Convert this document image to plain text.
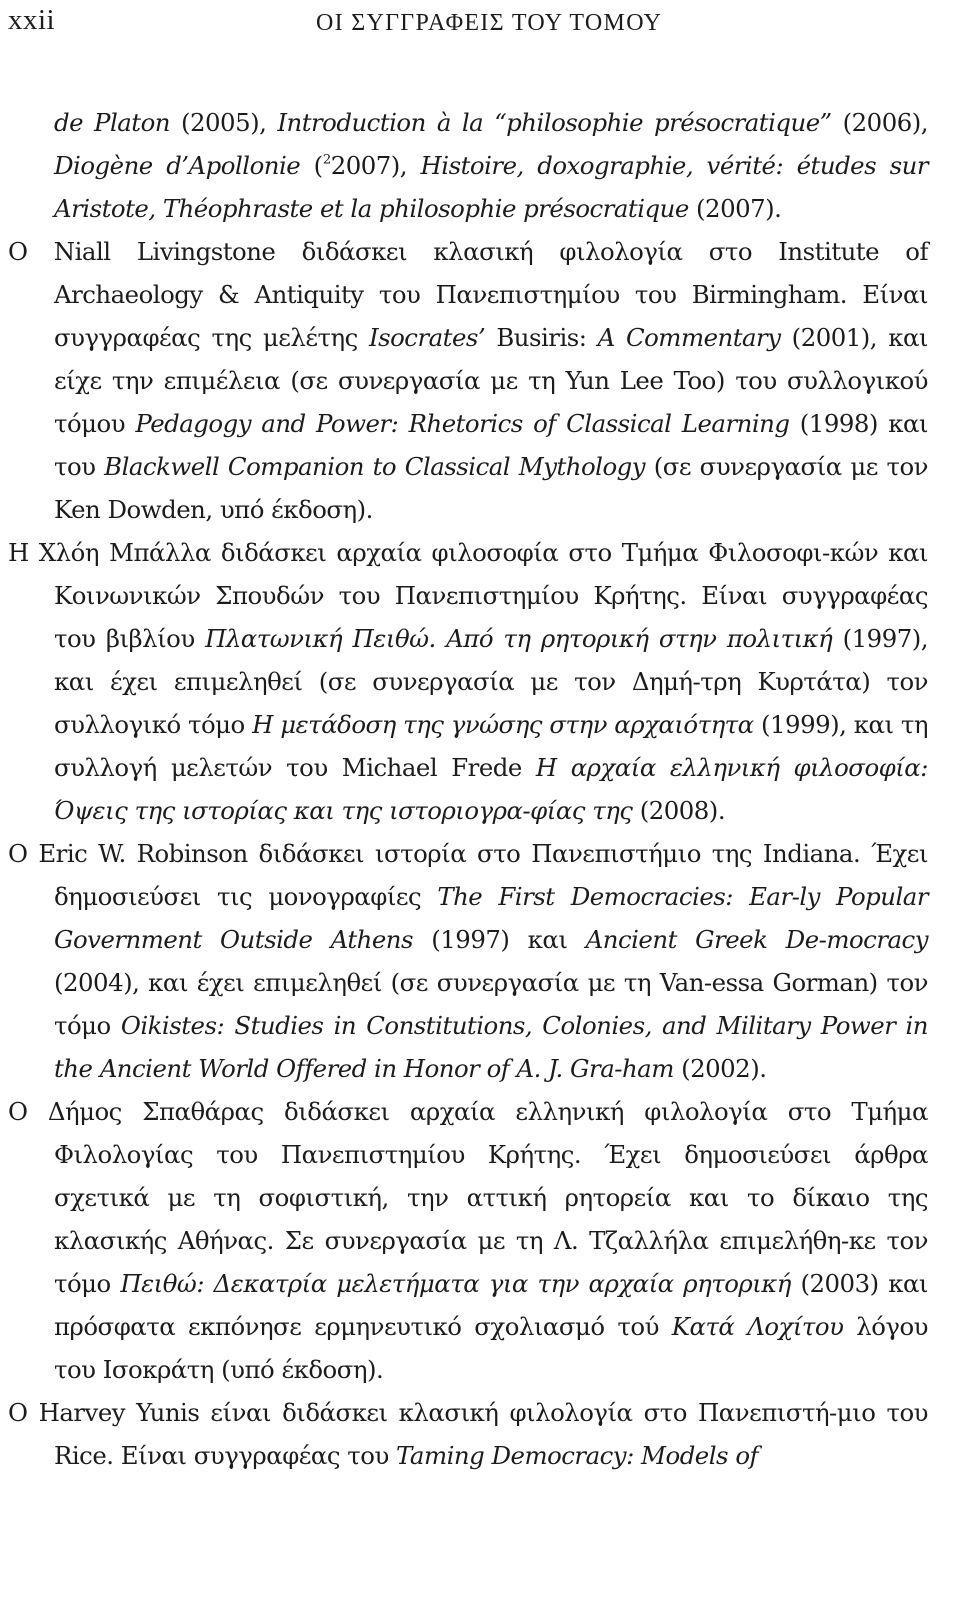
xxii	ΟΙ ΣΥΓΓΡΑΦΕΙΣ ΤΟΥ ΤΟΜΟΥ

de Platon (2005), Introduction à la “philosophie présocratique” (2006), Diogène d’Apollonie ($^2$2007), Histoire, doxographie, vérité: études sur Aristote, Théophraste et la philosophie présocratique (2007).

Ο Niall Livingstone διδάσκει κλασική φιλολογία στο Institute of Archaeology & Antiquity του Πανεπιστημίου του Birmingham. Είναι συγγραφέας της μελέτης Isocrates’ Busiris: A Commentary (2001), και είχε την επιμέλεια (σε συνεργασία με τη Yun Lee Too) του συλλογικού τόμου Pedagogy and Power: Rhetorics of Classical Learning (1998) και του Blackwell Companion to Classical Mythology (σε συνεργασία με τον Ken Dowden, υπό έκδοση).

Η Χλόη Μπάλλα διδάσκει αρχαία φιλοσοφία στο Τμήμα Φιλοσοφι-κών και Κοινωνικών Σπουδών του Πανεπιστημίου Κρήτης. Είναι συγγραφέας του βιβλίου Πλατωνική Πειθώ. Από τη ρητορική στην πολιτική (1997), και έχει επιμεληθεί (σε συνεργασία με τον Δημή-τρη Κυρτάτα) τον συλλογικό τόμο Η μετάδοση της γνώσης στην αρχαιότητα (1999), και τη συλλογή μελετών του Michael Frede Η αρχαία ελληνική φιλοσοφία: Όψεις της ιστορίας και της ιστοριογρα-φίας της (2008).

Ο Eric W. Robinson διδάσκει ιστορία στο Πανεπιστήμιο της Indiana. Έχει δημοσιεύσει τις μονογραφίες The First Democracies: Ear-ly Popular Government Outside Athens (1997) και Ancient Greek De-mocracy (2004), και έχει επιμεληθεί (σε συνεργασία με τη Van-essa Gorman) τον τόμο Oikistes: Studies in Constitutions, Colonies, and Military Power in the Ancient World Offered in Honor of A. J. Gra-ham (2002).

Ο Δήμος Σπαθάρας διδάσκει αρχαία ελληνική φιλολογία στο Τμήμα Φιλολογίας του Πανεπιστημίου Κρήτης. Έχει δημοσιεύσει άρθρα σχετικά με τη σοφιστική, την αττική ρητορεία και το δίκαιο της κλασικής Αθήνας. Σε συνεργασία με τη Λ. Τζαλλήλα επιμελήθη-κε τον τόμο Πειθώ: Δεκατρία μελετήματα για την αρχαία ρητορική (2003) και πρόσφατα εκπόνησε ερμηνευτικό σχολιασμό τού Κατά Λοχίτου λόγου του Ισοκράτη (υπό έκδοση).

Ο Harvey Yunis είναι διδάσκει κλασική φιλολογία στο Πανεπιστή-μιο του Rice. Είναι συγγραφέας του Taming Democracy: Models of
